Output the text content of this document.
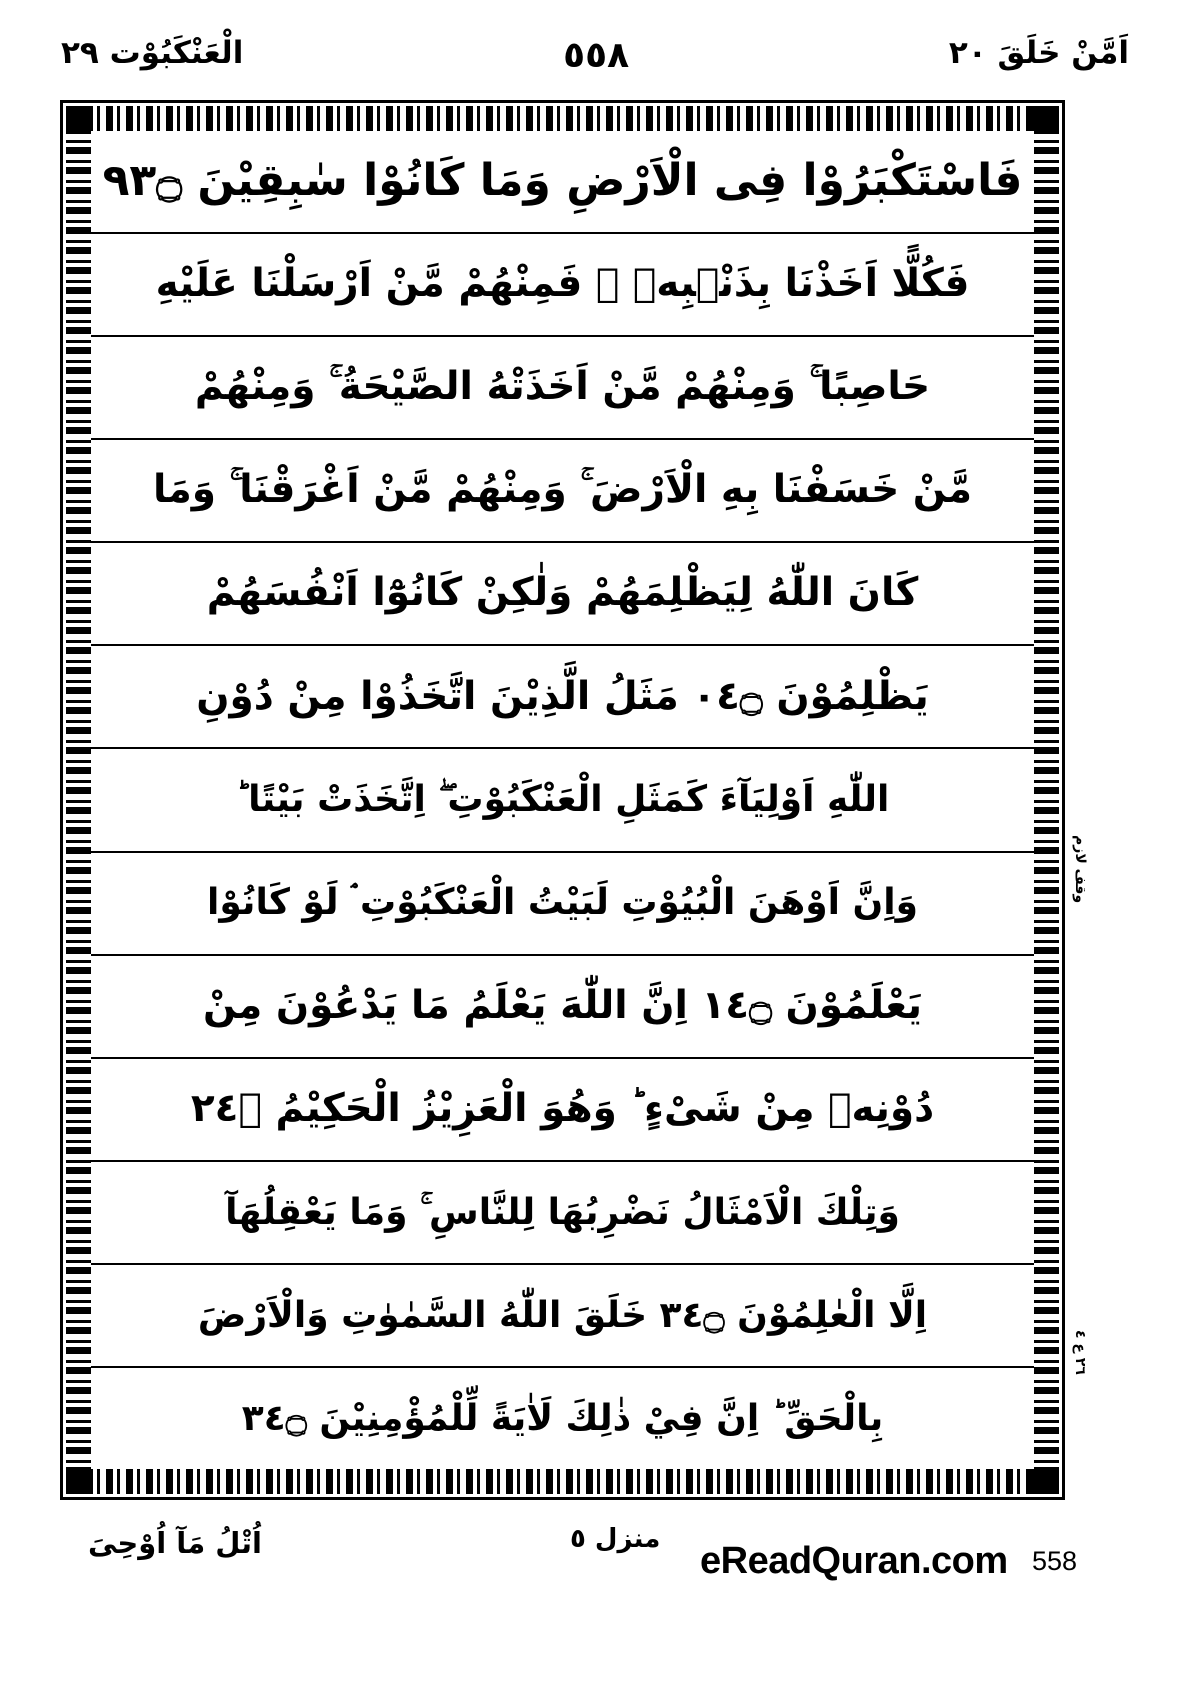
الْعَنْكَبُوْت ٢٩	٥٥٨	اَمَّنْ خَلَقَ ٢٠
فَاسْتَكْبَرُوْا فِى الْاَرْضِ وَمَا كَانُوْا سٰبِقِيْنَ ۝٣٩
فَكُلًّا اَخَذْنَا بِذَنْۢبِهٖ ۚ فَمِنْهُمْ مَّنْ اَرْسَلْنَا عَلَيْهِ
حَاصِبًا ۚ وَمِنْهُمْ مَّنْ اَخَذَتْهُ الصَّيْحَةُ ۚ وَمِنْهُمْ
مَّنْ خَسَفْنَا بِهِ الْاَرْضَ ۚ وَمِنْهُمْ مَّنْ اَغْرَقْنَا ۚ وَمَا
كَانَ اللّٰهُ لِيَظْلِمَهُمْ وَلٰكِنْ كَانُوْٓا اَنْفُسَهُمْ
يَظْلِمُوْنَ ۝٤٠ مَثَلُ الَّذِيْنَ اتَّخَذُوْا مِنْ دُوْنِ
اللّٰهِ اَوْلِيَآءَ كَمَثَلِ الْعَنْكَبُوْتِ ۖ اِتَّخَذَتْ بَيْتًا ؕ
وَاِنَّ اَوْهَنَ الْبُيُوْتِ لَبَيْتُ الْعَنْكَبُوْتِ ۘ لَوْ كَانُوْا
يَعْلَمُوْنَ ۝٤١ اِنَّ اللّٰهَ يَعْلَمُ مَا يَدْعُوْنَ مِنْ
دُوْنِهٖ مِنْ شَىْءٍ ؕ وَهُوَ الْعَزِيْزُ الْحَكِيْمُ ۝٤٢
وَتِلْكَ الْاَمْثَالُ نَضْرِبُهَا لِلنَّاسِ ۚ وَمَا يَعْقِلُهَآ
اِلَّا الْعٰلِمُوْنَ ۝٤٣ خَلَقَ اللّٰهُ السَّمٰوٰتِ وَالْاَرْضَ
بِالْحَقِّ ؕ اِنَّ فِيْ ذٰلِكَ لَاٰيَةً لِّلْمُؤْمِنِيْنَ ۝٤٣
وقف لازم
٢٦ ع ٤
اُتْلُ مَآ اُوْحِىَ	منزل ٥
eReadQuran.com 558
